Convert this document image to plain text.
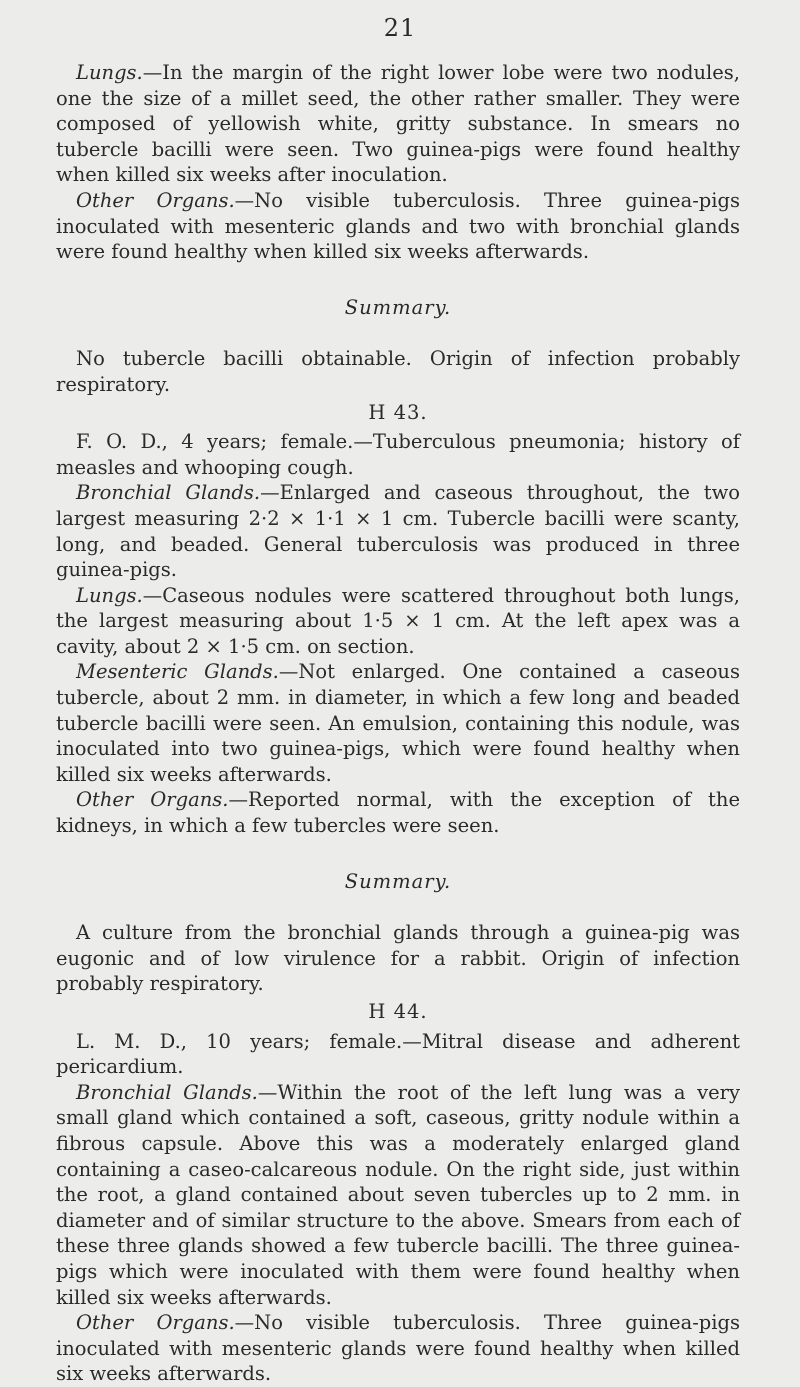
21

Lungs.—In the margin of the right lower lobe were two nodules, one the size of a millet seed, the other rather smaller. They were composed of yellowish white, gritty substance. In smears no tubercle bacilli were seen. Two guinea-pigs were found healthy when killed six weeks after inoculation.

Other Organs.—No visible tuberculosis. Three guinea-pigs inoculated with mesenteric glands and two with bronchial glands were found healthy when killed six weeks afterwards.

Summary.

No tubercle bacilli obtainable. Origin of infection probably respiratory.

H 43.

F. O. D., 4 years; female.—Tuberculous pneumonia; history of measles and whooping cough.

Bronchial Glands.—Enlarged and caseous throughout, the two largest measuring 2·2 × 1·1 × 1 cm. Tubercle bacilli were scanty, long, and beaded. General tuberculosis was produced in three guinea-pigs.

Lungs.—Caseous nodules were scattered throughout both lungs, the largest measuring about 1·5 × 1 cm. At the left apex was a cavity, about 2 × 1·5 cm. on section.

Mesenteric Glands.—Not enlarged. One contained a caseous tubercle, about 2 mm. in diameter, in which a few long and beaded tubercle bacilli were seen. An emulsion, containing this nodule, was inoculated into two guinea-pigs, which were found healthy when killed six weeks afterwards.

Other Organs.—Reported normal, with the exception of the kidneys, in which a few tubercles were seen.

Summary.

A culture from the bronchial glands through a guinea-pig was eugonic and of low virulence for a rabbit. Origin of infection probably respiratory.

H 44.

L. M. D., 10 years; female.—Mitral disease and adherent pericardium.

Bronchial Glands.—Within the root of the left lung was a very small gland which contained a soft, caseous, gritty nodule within a fibrous capsule. Above this was a moderately enlarged gland containing a caseo-calcareous nodule. On the right side, just within the root, a gland contained about seven tubercles up to 2 mm. in diameter and of similar structure to the above. Smears from each of these three glands showed a few tubercle bacilli. The three guinea-pigs which were inoculated with them were found healthy when killed six weeks afterwards.

Other Organs.—No visible tuberculosis. Three guinea-pigs inoculated with mesenteric glands were found healthy when killed six weeks afterwards.
